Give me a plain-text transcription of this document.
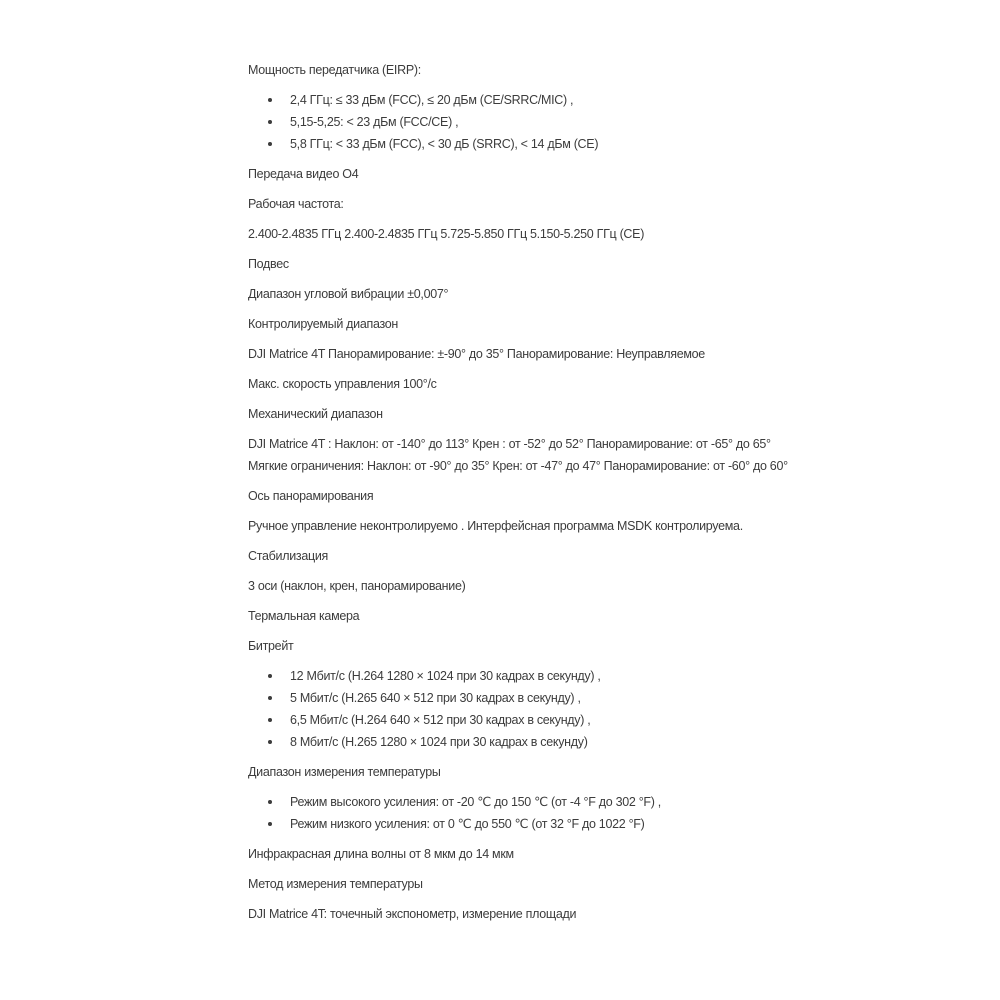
Мощность передатчика (EIRP):
2,4 ГГц: ≤ 33 дБм (FCC), ≤ 20 дБм (CE/SRRC/MIC) ,
5,15-5,25: < 23 дБм (FCC/CE) ,
5,8 ГГц: < 33 дБм (FCC), < 30 дБ (SRRC), < 14 дБм (CE)
Передача видео O4
Рабочая частота:
2.400-2.4835 ГГц 2.400-2.4835 ГГц 5.725-5.850 ГГц 5.150-5.250 ГГц (CE)
Подвес
Диапазон угловой вибрации ±0,007°
Контролируемый диапазон
DJI Matrice 4T Панорамирование: ±-90° до 35° Панорамирование: Неуправляемое
Макс. скорость управления 100°/с
Механический диапазон
DJI Matrice 4T : Наклон: от -140° до 113° Крен : от -52° до 52° Панорамирование: от -65° до 65°
Мягкие ограничения: Наклон: от -90° до 35° Крен: от -47° до 47° Панорамирование: от -60° до 60°
Ось панорамирования
Ручное управление неконтролируемо . Интерфейсная программа MSDK контролируема.
Стабилизация
3 оси (наклон, крен, панорамирование)
Термальная камера
Битрейт
12 Мбит/с (H.264 1280 × 1024 при 30 кадрах в секунду) ,
5 Мбит/с (H.265 640 × 512 при 30 кадрах в секунду) ,
6,5 Мбит/с (H.264 640 × 512 при 30 кадрах в секунду) ,
8 Мбит/с (H.265 1280 × 1024 при 30 кадрах в секунду)
Диапазон измерения температуры
Режим высокого усиления: от -20 ℃ до 150 ℃ (от -4 °F до 302 °F) ,
Режим низкого усиления: от 0 ℃ до 550 ℃ (от 32 °F до 1022 °F)
Инфракрасная длина волны от 8 мкм до 14 мкм
Метод измерения температуры
DJI Matrice 4T: точечный экспонометр, измерение площади
